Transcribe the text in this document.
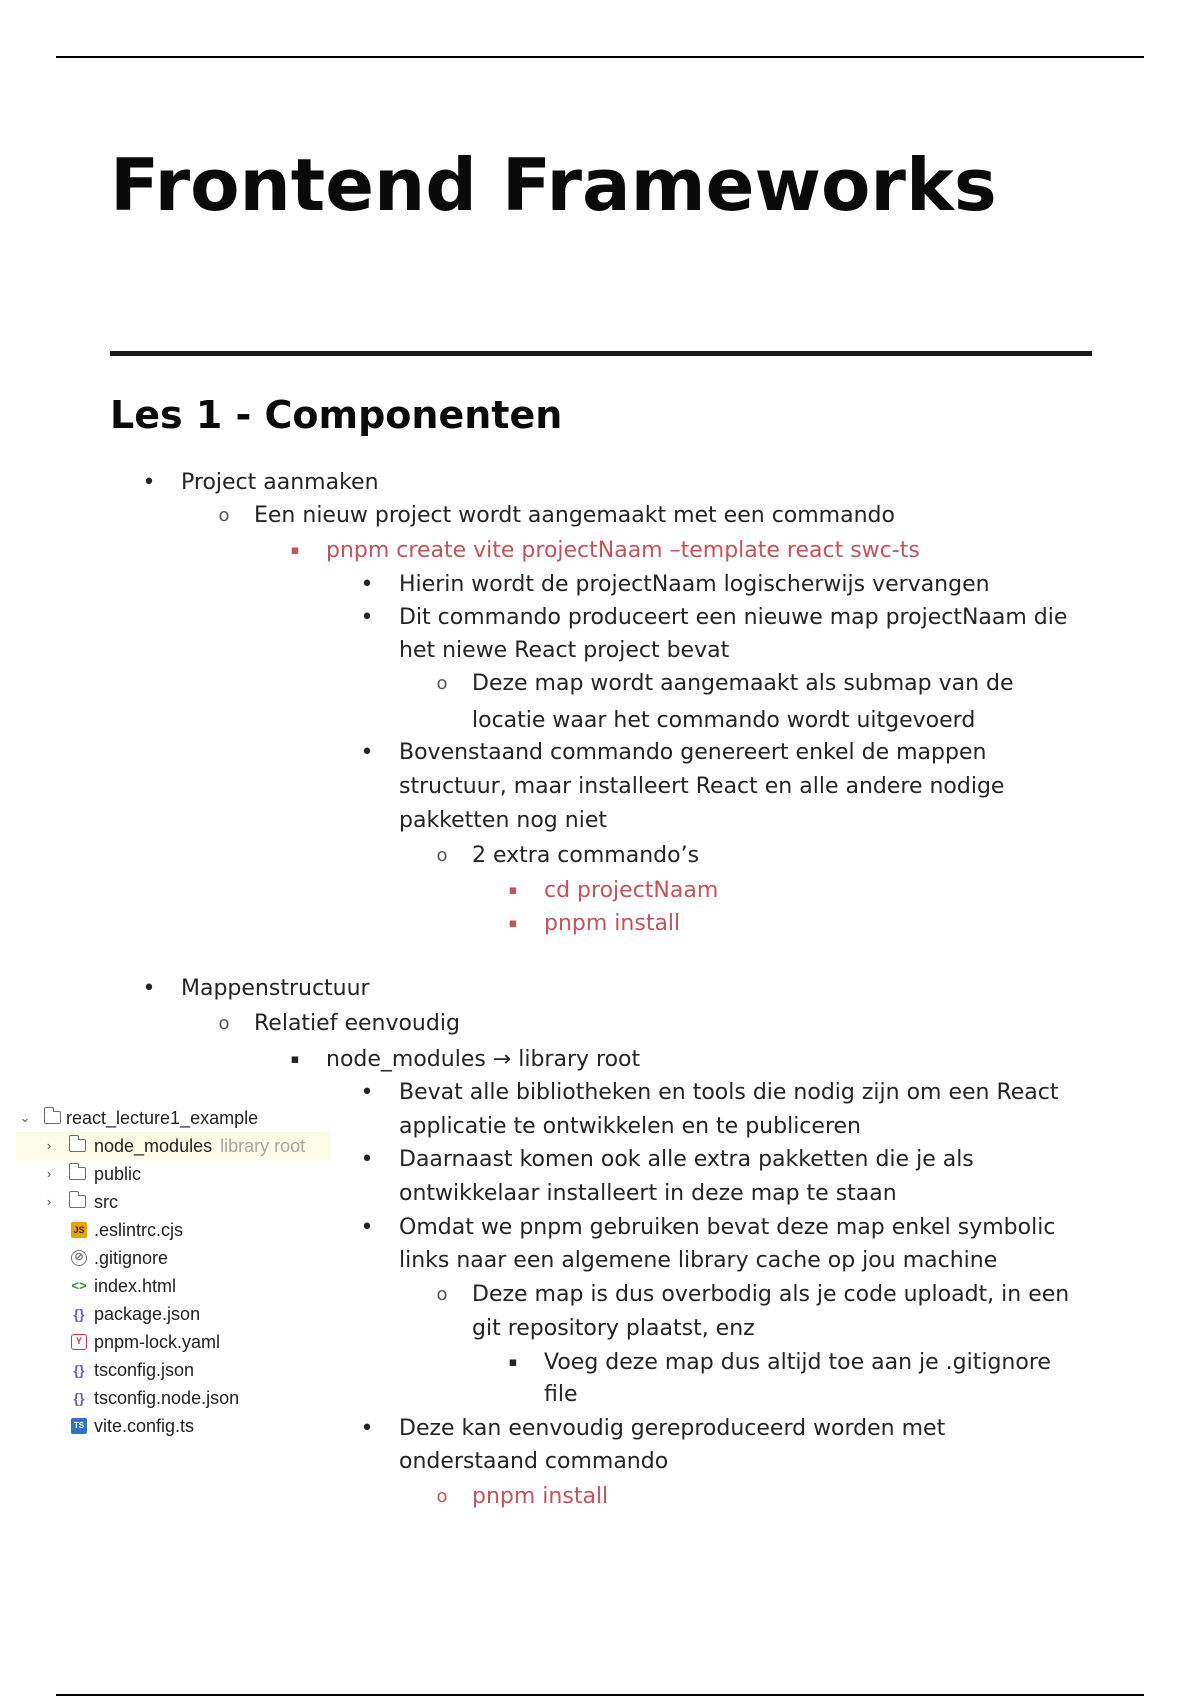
Frontend Frameworks
Les 1 - Componenten
• Project aanmaken
o Een nieuw project wordt aangemaakt met een commando
▪ pnpm create vite projectNaam –template react swc-ts
• Hierin wordt de projectNaam logischerwijs vervangen
• Dit commando produceert een nieuwe map projectNaam die
het niewe React project bevat
o Deze map wordt aangemaakt als submap van de
locatie waar het commando wordt uitgevoerd
• Bovenstaand commando genereert enkel de mappen
structuur, maar installeert React en alle andere nodige
pakketten nog niet
o 2 extra commando’s
▪ cd projectNaam
▪ pnpm install
• Mappenstructuur
o Relatief eenvoudig
▪ node_modules → library root
• Bevat alle bibliotheken en tools die nodig zijn om een React
applicatie te ontwikkelen en te publiceren
• Daarnaast komen ook alle extra pakketten die je als
ontwikkelaar installeert in deze map te staan
• Omdat we pnpm gebruiken bevat deze map enkel symbolic
links naar een algemene library cache op jou machine
o Deze map is dus overbodig als je code uploadt, in een
git repository plaatst, enz
▪ Voeg deze map dus altijd toe aan je .gitignore
file
• Deze kan eenvoudig gereproduceerd worden met
onderstaand commando
o pnpm install
⌄ react_lecture1_example
› node_modules library root
› public
› src
JS .eslintrc.cjs
⊘ .gitignore
<> index.html
{} package.json
Y pnpm-lock.yaml
{} tsconfig.json
{} tsconfig.node.json
TS vite.config.ts
